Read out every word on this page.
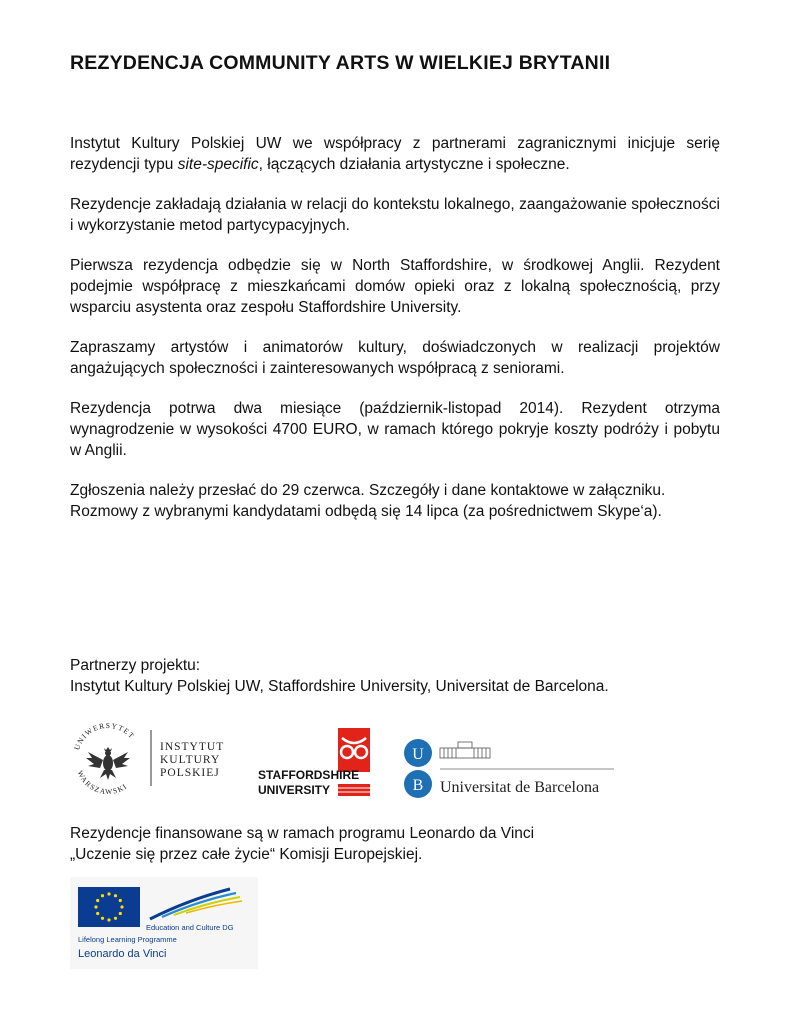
REZYDENCJA COMMUNITY ARTS W WIELKIEJ BRYTANII

Instytut Kultury Polskiej UW we współpracy z partnerami zagranicznymi inicjuje serię rezydencji typu site-specific, łączących działania artystyczne i społeczne.

Rezydencje zakładają działania w relacji do kontekstu lokalnego, zaangażowanie społeczności i wykorzystanie metod partycypacyjnych.

Pierwsza rezydencja odbędzie się w North Staffordshire, w środkowej Anglii. Rezydent podejmie współpracę z mieszkańcami domów opieki oraz z lokalną społecznością, przy wsparciu asystenta oraz zespołu Staffordshire University.

Zapraszamy artystów i animatorów kultury, doświadczonych w realizacji projektów angażujących społeczności i zainteresowanych współpracą z seniorami.

Rezydencja potrwa dwa miesiące (październik-listopad 2014). Rezydent otrzyma wynagrodzenie w wysokości 4700 EURO, w ramach którego pokryje koszty podróży i pobytu w Anglii.

Zgłoszenia należy przesłać do 29 czerwca. Szczegóły i dane kontaktowe w załączniku.
Rozmowy z wybranymi kandydatami odbędą się 14 lipca (za pośrednictwem Skype‘a).

Partnerzy projektu:
Instytut Kultury Polskiej UW, Staffordshire University, Universitat de Barcelona.
UNIWERSYTET
WARSZAWSKI
INSTYTUT
KULTURY
POLSKIEJ	STAFFORDSHIRE
UNIVERSITY
U
B Universitat de Barcelona
Rezydencje finansowane są w ramach programu Leonardo da Vinci
„Uczenie się przez całe życie“ Komisji Europejskiej.
Education and Culture DG
Lifelong Learning Programme
Leonardo da Vinci
